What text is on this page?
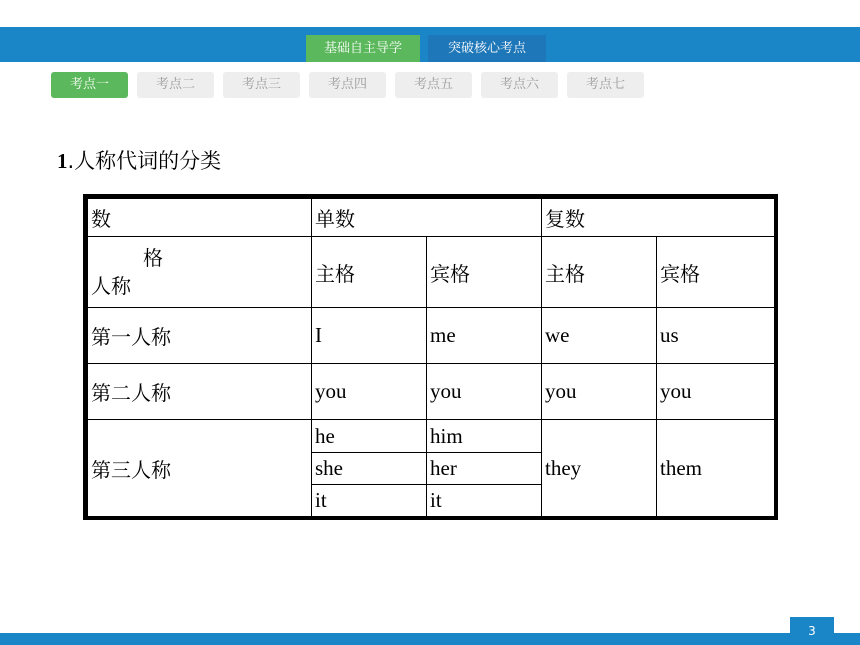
基础自主导学	突破核心考点
考点一	考点二	考点三	考点四	考点五	考点六	考点七
1.人称代词的分类
数	单数		复数	

格
人称	主格	宾格	主格	宾格
第一人称	I	me	we	us
第二人称	you	you	you	you
第三人称	he	him	they	them
	she	her		
	it	it		
3
